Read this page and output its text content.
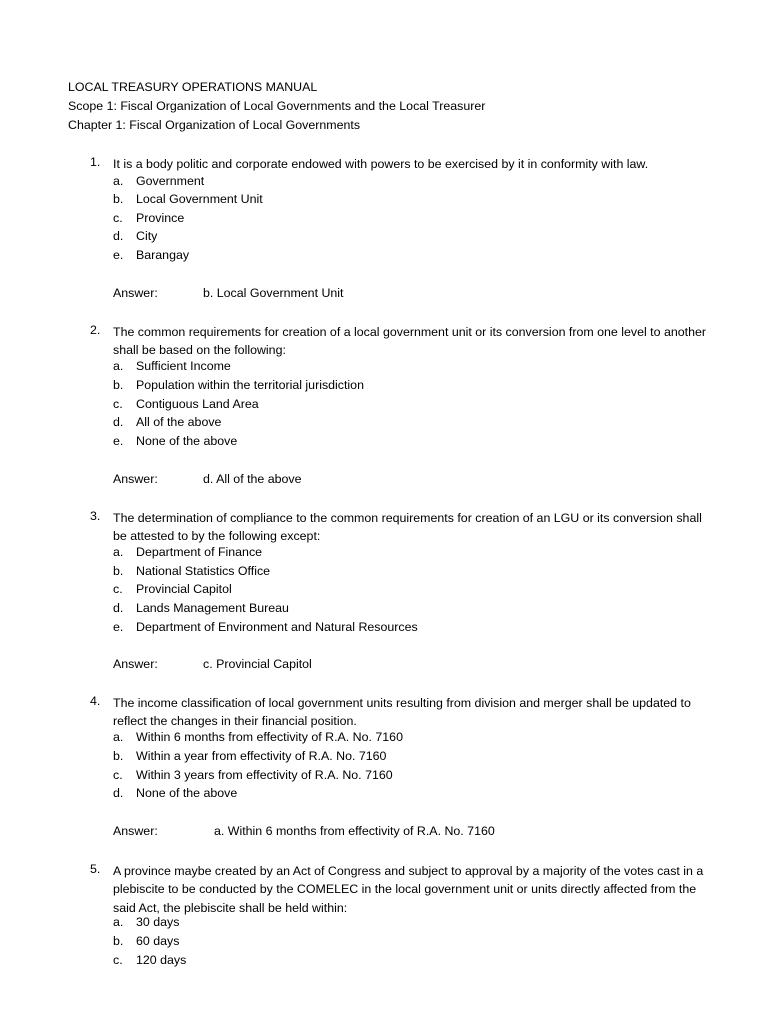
LOCAL TREASURY OPERATIONS MANUAL
Scope 1: Fiscal Organization of Local Governments and the Local Treasurer
Chapter 1: Fiscal Organization of Local Governments
1. It is a body politic and corporate endowed with powers to be exercised by it in conformity with law.
a. Government
b. Local Government Unit
c. Province
d. City
e. Barangay
Answer:	b. Local Government Unit
2. The common requirements for creation of a local government unit or its conversion from one level to another shall be based on the following:
a. Sufficient Income
b. Population within the territorial jurisdiction
c. Contiguous Land Area
d. All of the above
e. None of the above
Answer:	d. All of the above
3. The determination of compliance to the common requirements for creation of an LGU or its conversion shall be attested to by the following except:
a. Department of Finance
b. National Statistics Office
c. Provincial Capitol
d. Lands Management Bureau
e. Department of Environment and Natural Resources
Answer:	c. Provincial Capitol
4. The income classification of local government units resulting from division and merger shall be updated to reflect the changes in their financial position.
a. Within 6 months from effectivity of R.A. No. 7160
b. Within a year from effectivity of R.A. No. 7160
c. Within 3 years from effectivity of R.A. No. 7160
d. None of the above
Answer:	a. Within 6 months from effectivity of R.A. No. 7160
5. A province maybe created by an Act of Congress and subject to approval by a majority of the votes cast in a plebiscite to be conducted by the COMELEC in the local government unit or units directly affected from the said Act, the plebiscite shall be held within:
a. 30 days
b. 60 days
c. 120 days
